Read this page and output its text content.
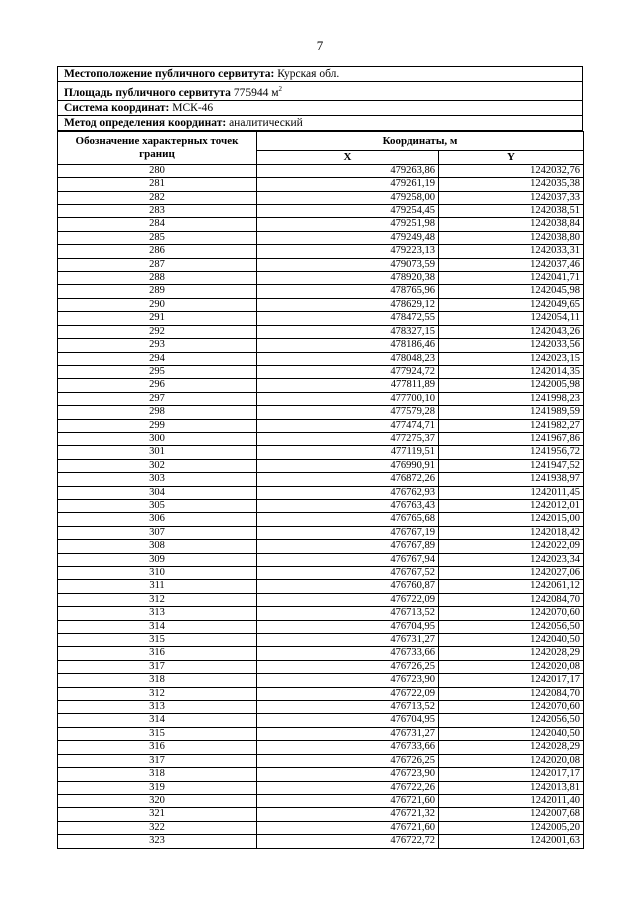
7
Местоположение публичного сервитута: Курская обл.
Площадь публичного сервитута 775944 $м^2$
Система координат: МСК-46
Метод определения координат: аналитический
Обозначение характерных точек границ	Координаты, м	
	X	Y
280	479263,86	1242032,76
281	479261,19	1242035,38
282	479258,00	1242037,33
283	479254,45	1242038,51
284	479251,98	1242038,84
285	479249,48	1242038,80
286	479223,13	1242033,31
287	479073,59	1242037,46
288	478920,38	1242041,71
289	478765,96	1242045,98
290	478629,12	1242049,65
291	478472,55	1242054,11
292	478327,15	1242043,26
293	478186,46	1242033,56
294	478048,23	1242023,15
295	477924,72	1242014,35
296	477811,89	1242005,98
297	477700,10	1241998,23
298	477579,28	1241989,59
299	477474,71	1241982,27
300	477275,37	1241967,86
301	477119,51	1241956,72
302	476990,91	1241947,52
303	476872,26	1241938,97
304	476762,93	1242011,45
305	476763,43	1242012,01
306	476765,68	1242015,00
307	476767,19	1242018,42
308	476767,89	1242022,09
309	476767,94	1242023,34
310	476767,52	1242027,06
311	476760,87	1242061,12
312	476722,09	1242084,70
313	476713,52	1242070,60
314	476704,95	1242056,50
315	476731,27	1242040,50
316	476733,66	1242028,29
317	476726,25	1242020,08
318	476723,90	1242017,17
312	476722,09	1242084,70
313	476713,52	1242070,60
314	476704,95	1242056,50
315	476731,27	1242040,50
316	476733,66	1242028,29
317	476726,25	1242020,08
318	476723,90	1242017,17
319	476722,26	1242013,81
320	476721,60	1242011,40
321	476721,32	1242007,68
322	476721,60	1242005,20
323	476722,72	1242001,63
